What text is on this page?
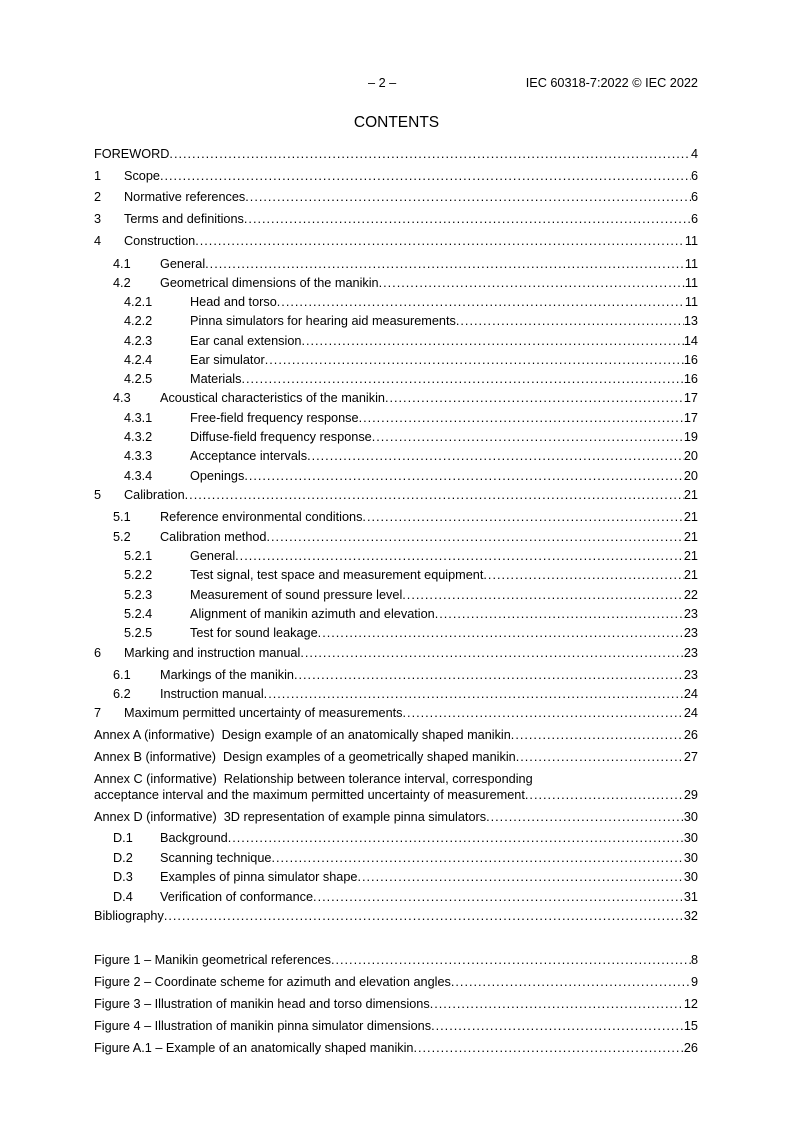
– 2 –	IEC 60318-7:2022 © IEC 2022
CONTENTS
FOREWORD .....	4
1 Scope .....	6
2 Normative references .....	6
3 Terms and definitions .....	6
4 Construction .....	11
4.1 General .....	11
4.2 Geometrical dimensions of the manikin .....	11
4.2.1	Head and torso .....	11
4.2.2	Pinna simulators for hearing aid measurements .....	13
4.2.3	Ear canal extension .....	14
4.2.4	Ear simulator .....	16
4.2.5	Materials .....	16
4.3 Acoustical characteristics of the manikin .....	17
4.3.1	Free-field frequency response .....	17
4.3.2	Diffuse-field frequency response .....	19
4.3.3	Acceptance intervals .....	20
4.3.4	Openings .....	20
5 Calibration .....	21
5.1 Reference environmental conditions .....	21
5.2 Calibration method .....	21
5.2.1	General .....	21
5.2.2	Test signal, test space and measurement equipment .....	21
5.2.3	Measurement of sound pressure level .....	22
5.2.4	Alignment of manikin azimuth and elevation .....	23
5.2.5	Test for sound leakage .....	23
6 Marking and instruction manual .....	23
6.1 Markings of the manikin .....	23
6.2 Instruction manual .....	24
7 Maximum permitted uncertainty of measurements .....	24
Annex A (informative)  Design example of an anatomically shaped manikin .....	26
Annex B (informative)  Design examples of a geometrically shaped manikin .....	27
Annex C (informative)  Relationship between tolerance interval, corresponding
acceptance interval and the maximum permitted uncertainty of measurement .....	29
Annex D (informative)  3D representation of example pinna simulators .....	30
D.1 Background .....	30
D.2 Scanning technique .....	30
D.3 Examples of pinna simulator shape .....	30
D.4 Verification of conformance .....	31
Bibliography .....	32
Figure 1 – Manikin geometrical references .....	8
Figure 2 – Coordinate scheme for azimuth and elevation angles .....	9
Figure 3 – Illustration of manikin head and torso dimensions .....	12
Figure 4 – Illustration of manikin pinna simulator dimensions .....	15
Figure A.1 – Example of an anatomically shaped manikin .....	26
